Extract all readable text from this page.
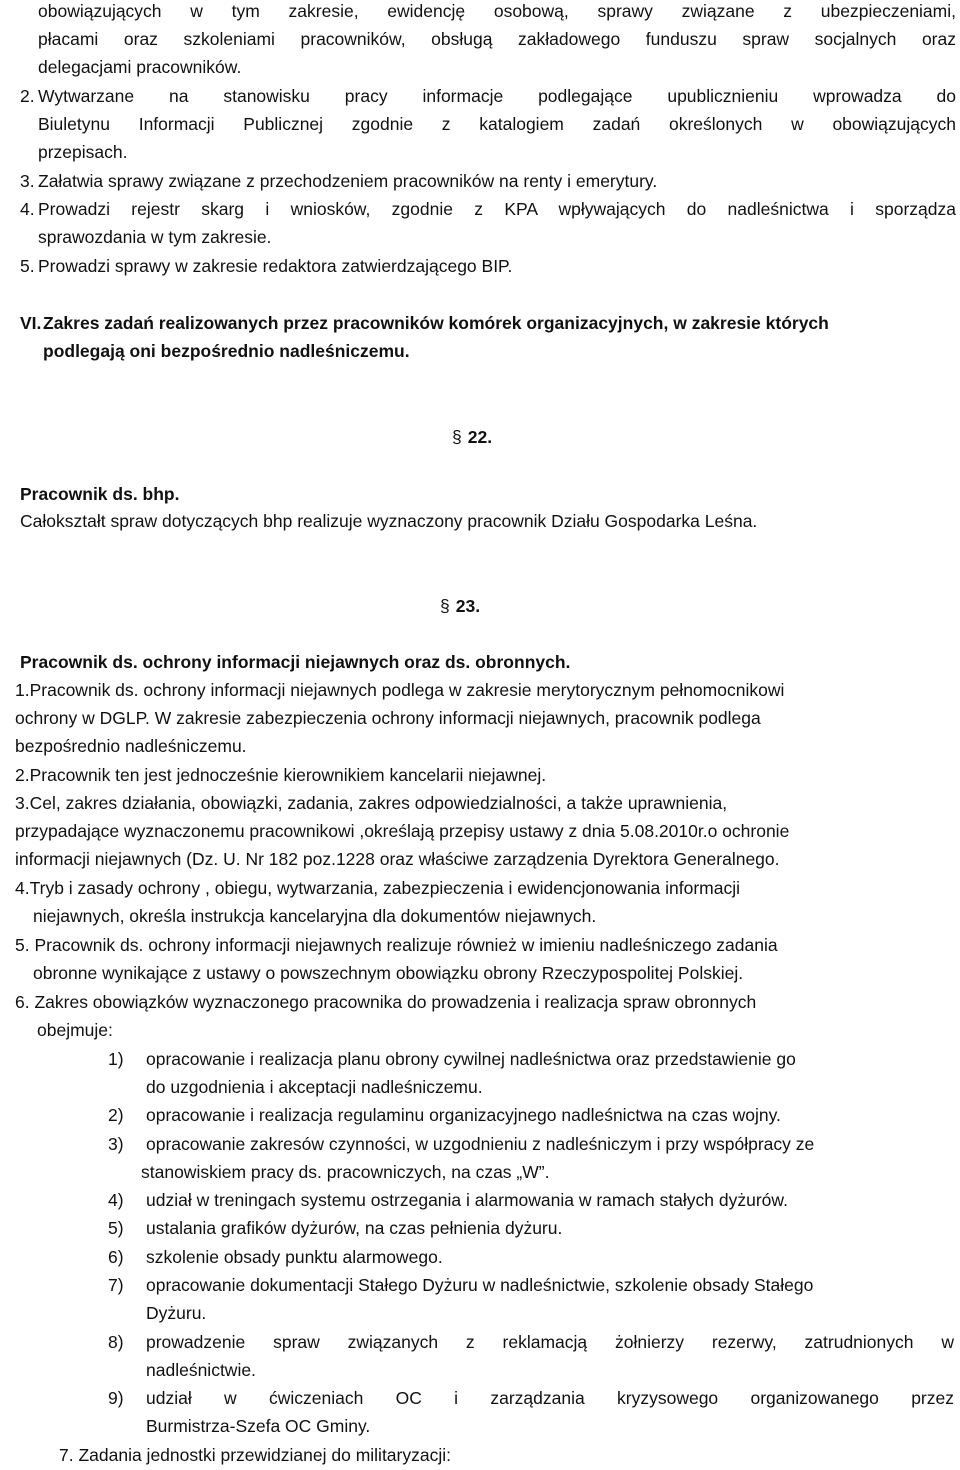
obowiązujących w tym zakresie, ewidencję osobową, sprawy związane z ubezpieczeniami,
płacami oraz szkoleniami pracowników, obsługą zakładowego funduszu spraw socjalnych oraz
delegacjami pracowników.
2. Wytwarzane na stanowisku pracy informacje podlegające upublicznieniu wprowadza do
Biuletynu Informacji Publicznej zgodnie z katalogiem zadań określonych w obowiązujących
przepisach.
3. Załatwia sprawy związane z przechodzeniem pracowników na renty i emerytury.
4. Prowadzi rejestr skarg i wniosków, zgodnie z KPA wpływających do nadleśnictwa i sporządza
sprawozdania w tym zakresie.
5. Prowadzi sprawy w zakresie redaktora zatwierdzającego BIP.
VI. Zakres zadań realizowanych przez pracowników komórek organizacyjnych, w zakresie których
podlegają oni bezpośrednio nadleśniczemu.
§ 22.
Pracownik ds. bhp.
Całokształt spraw dotyczących bhp realizuje wyznaczony pracownik Działu Gospodarka Leśna.
§ 23.
Pracownik ds. ochrony informacji niejawnych oraz ds. obronnych.
1.Pracownik ds. ochrony informacji niejawnych podlega w zakresie merytorycznym pełnomocnikowi
ochrony w DGLP. W zakresie zabezpieczenia ochrony informacji niejawnych, pracownik podlega
bezpośrednio nadleśniczemu.
2.Pracownik ten jest jednocześnie kierownikiem kancelarii niejawnej.
3.Cel, zakres działania, obowiązki, zadania, zakres odpowiedzialności, a także uprawnienia,
przypadające wyznaczonemu pracownikowi ,określają przepisy ustawy z dnia 5.08.2010r.o ochronie
informacji niejawnych (Dz. U. Nr 182 poz.1228 oraz właściwe zarządzenia Dyrektora Generalnego.
4.Tryb i zasady ochrony , obiegu, wytwarzania, zabezpieczenia i ewidencjonowania informacji
niejawnych, określa instrukcja kancelaryjna dla dokumentów niejawnych.
5. Pracownik ds. ochrony informacji niejawnych realizuje również w imieniu nadleśniczego zadania
obronne wynikające z ustawy o powszechnym obowiązku obrony Rzeczypospolitej Polskiej.
6. Zakres obowiązków wyznaczonego pracownika do prowadzenia i realizacja spraw obronnych
obejmuje:
1) opracowanie i realizacja planu obrony cywilnej nadleśnictwa oraz przedstawienie go
do uzgodnienia i akceptacji nadleśniczemu.
2) opracowanie i realizacja regulaminu organizacyjnego nadleśnictwa na czas wojny.
3) opracowanie zakresów czynności, w uzgodnieniu z nadleśniczym i przy współpracy ze
stanowiskiem pracy ds. pracowniczych, na czas „W”.
4) udział w treningach systemu ostrzegania i alarmowania w ramach stałych dyżurów.
5) ustalania grafików dyżurów, na czas pełnienia dyżuru.
6) szkolenie obsady punktu alarmowego.
7) opracowanie dokumentacji Stałego Dyżuru w nadleśnictwie, szkolenie obsady Stałego
Dyżuru.
8) prowadzenie spraw związanych z reklamacją żołnierzy rezerwy, zatrudnionych w
nadleśnictwie.
9) udział w ćwiczeniach OC i zarządzania kryzysowego organizowanego przez
Burmistrza-Szefa OC Gminy.
7. Zadania jednostki przewidzianej do militaryzacji:
